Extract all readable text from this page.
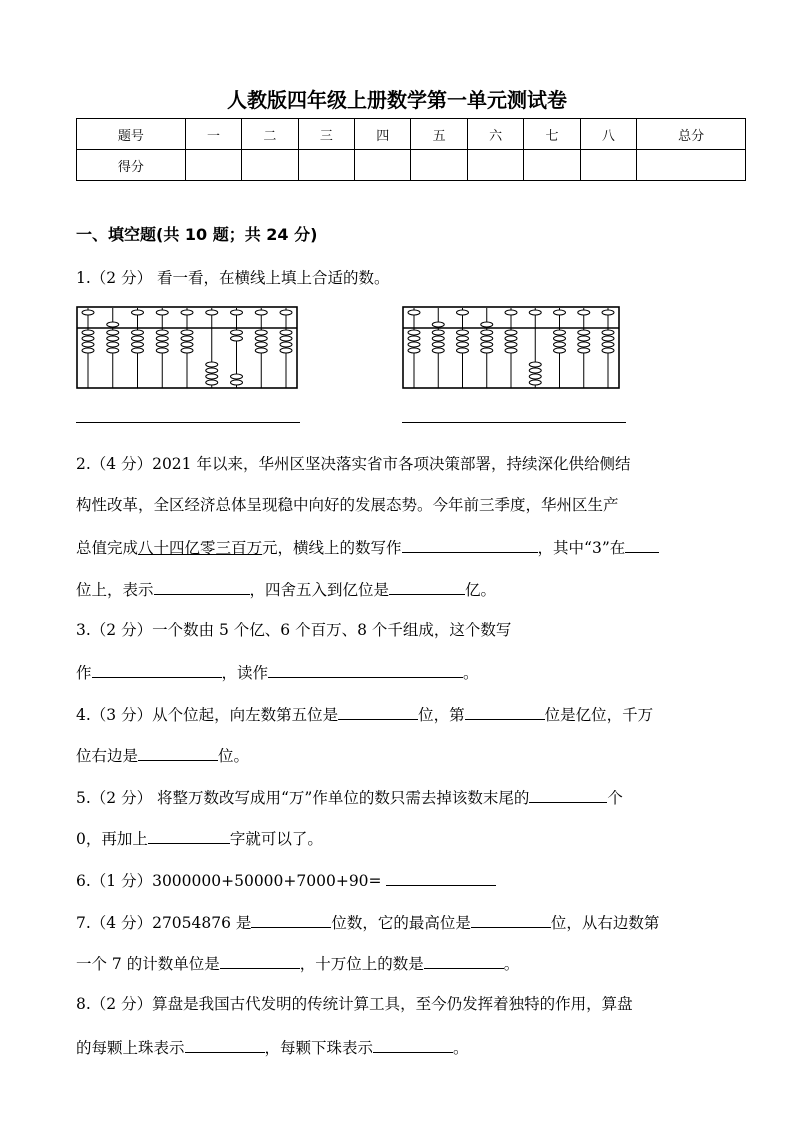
人教版四年级上册数学第一单元测试卷
题号	一	二	三	四	五	六	七	八	总分
得分									
一、填空题(共 10 题；共 24 分)
1.（2 分） 看一看，在横线上填上合适的数。
2.（4 分）2021 年以来，华州区坚决落实省市各项决策部署，持续深化供给侧结
构性改革，全区经济总体呈现稳中向好的发展态势。今年前三季度，华州区生产
总值完成八十四亿零三百万元，横线上的数写作	，其中“3”在
位上，表示	，四舍五入到亿位是	亿。
3.（2 分）一个数由 5 个亿、6 个百万、8 个千组成，这个数写
作	，读作	。
4.（3 分）从个位起，向左数第五位是	位，第	位是亿位，千万
位右边是	位。
5.（2 分） 将整万数改写成用“万”作单位的数只需去掉该数末尾的	个
0，再加上	字就可以了。
6.（1 分）3000000+50000+7000+90=
7.（4 分）27054876 是	位数，它的最高位是	位，从右边数第
一个 7 的计数单位是	，十万位上的数是	。
8.（2 分）算盘是我国古代发明的传统计算工具，至今仍发挥着独特的作用，算盘
的每颗上珠表示	，每颗下珠表示	。
